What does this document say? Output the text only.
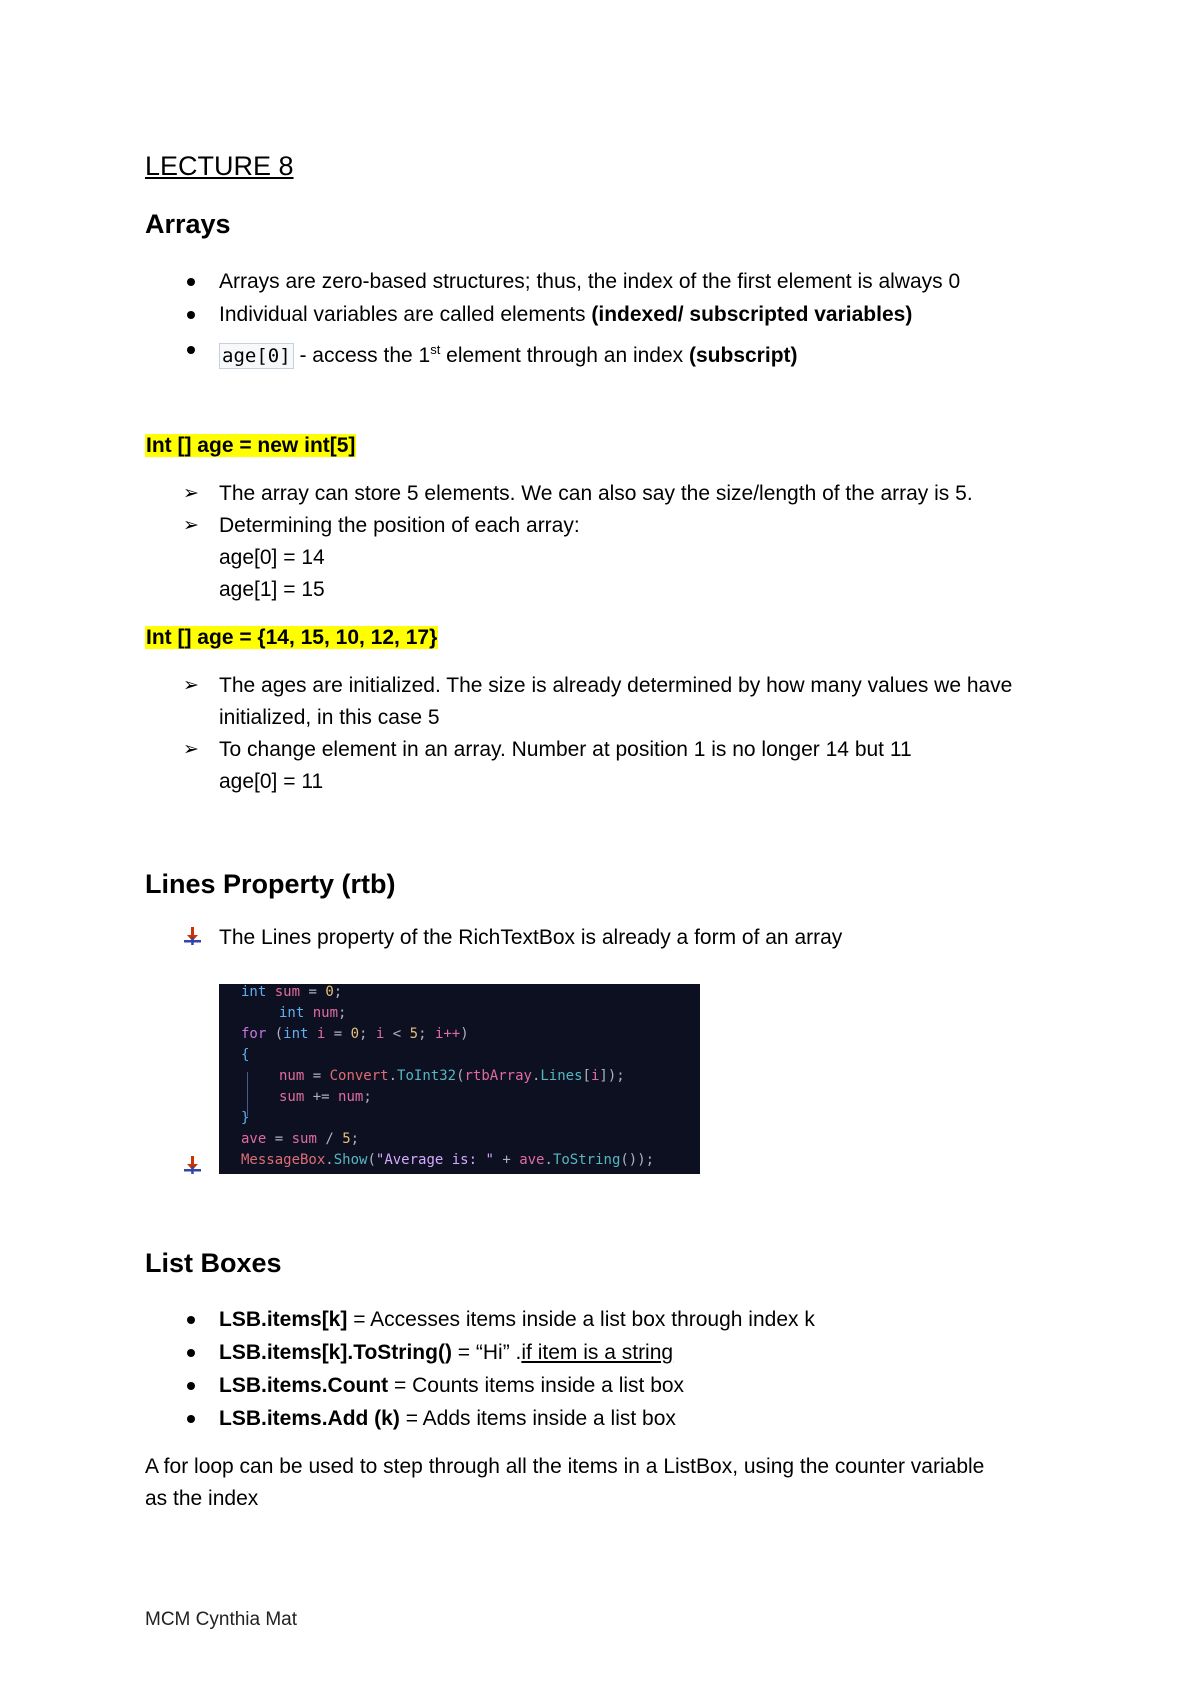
LECTURE 8
Arrays
Arrays are zero-based structures; thus, the index of the first element is always 0
Individual variables are called elements (indexed/ subscripted variables)
age[0] - access the 1st element through an index (subscript)
Int [] age = new int[5]
➢ The array can store 5 elements. We can also say the size/length of the array is 5.
➢ Determining the position of each array:
age[0] = 14
age[1] = 15
Int [] age = {14, 15, 10, 12, 17}
➢ The ages are initialized. The size is already determined by how many values we have
initialized, in this case 5
➢ To change element in an array. Number at position 1 is no longer 14 but 11
age[0] = 11
Lines Property (rtb)
The Lines property of the RichTextBox is already a form of an array
int sum = 0;
int num;
for (int i = 0; i < 5; i++)
{
num = Convert.ToInt32(rtbArray.Lines[i]);
sum += num;
}
ave = sum / 5;
MessageBox.Show("Average is: " + ave.ToString());
List Boxes
LSB.items[k] = Accesses items inside a list box through index k
LSB.items[k].ToString() = “Hi” .if item is a string
LSB.items.Count = Counts items inside a list box
LSB.items.Add (k) = Adds items inside a list box
A for loop can be used to step through all the items in a ListBox, using the counter variable
as the index
MCM Cynthia Mat
